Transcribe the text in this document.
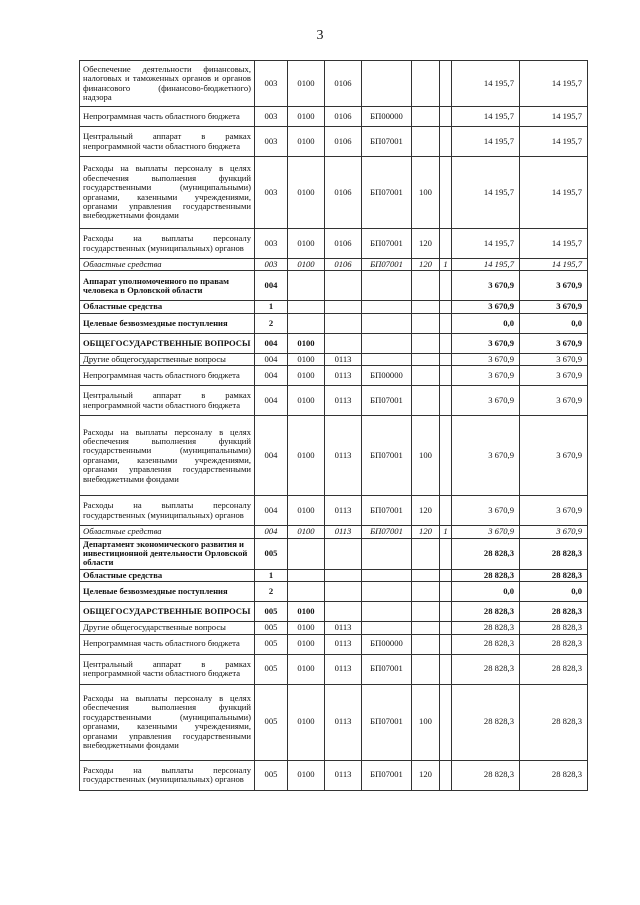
3
Обеспечение деятельности финансовых, налоговых и таможенных органов и органов финансового (финансово-бюджетного) надзора	003	0100	0106				14 195,7	14 195,7
Непрограммная часть областного бюджета	003	0100	0106	БП00000			14 195,7	14 195,7
Центральный аппарат в рамках непрограммной части областного бюджета	003	0100	0106	БП07001			14 195,7	14 195,7
Расходы на выплаты персоналу в целях обеспечения выполнения функций государственными (муниципальными) органами, казенными учреждениями, органами управления государственными внебюджетными фондами	003	0100	0106	БП07001	100		14 195,7	14 195,7
Расходы на выплаты персоналу государственных (муниципальных) органов	003	0100	0106	БП07001	120		14 195,7	14 195,7
Областные средства	003	0100	0106	БП07001	120	1	14 195,7	14 195,7
Аппарат уполномоченного по правам человека в Орловской области	004						3 670,9	3 670,9
Областные средства	1						3 670,9	3 670,9
Целевые безвозмездные поступления	2						0,0	0,0
ОБЩЕГОСУДАРСТВЕННЫЕ ВОПРОСЫ	004	0100					3 670,9	3 670,9
Другие общегосударственные вопросы	004	0100	0113				3 670,9	3 670,9
Непрограммная часть областного бюджета	004	0100	0113	БП00000			3 670,9	3 670,9
Центральный аппарат в рамках непрограммной части областного бюджета	004	0100	0113	БП07001			3 670,9	3 670,9
Расходы на выплаты персоналу в целях обеспечения выполнения функций государственными (муниципальными) органами, казенными учреждениями, органами управления государственными внебюджетными фондами	004	0100	0113	БП07001	100		3 670,9	3 670,9
Расходы на выплаты персоналу государственных (муниципальных) органов	004	0100	0113	БП07001	120		3 670,9	3 670,9
Областные средства	004	0100	0113	БП07001	120	1	3 670,9	3 670,9
Департамент экономического развития и инвестиционной деятельности Орловской области	005						28 828,3	28 828,3
Областные средства	1						28 828,3	28 828,3
Целевые безвозмездные поступления	2						0,0	0,0
ОБЩЕГОСУДАРСТВЕННЫЕ ВОПРОСЫ	005	0100					28 828,3	28 828,3
Другие общегосударственные вопросы	005	0100	0113				28 828,3	28 828,3
Непрограммная часть областного бюджета	005	0100	0113	БП00000			28 828,3	28 828,3
Центральный аппарат в рамках непрограммной части областного бюджета	005	0100	0113	БП07001			28 828,3	28 828,3
Расходы на выплаты персоналу в целях обеспечения выполнения функций государственными (муниципальными) органами, казенными учреждениями, органами управления государственными внебюджетными фондами	005	0100	0113	БП07001	100		28 828,3	28 828,3
Расходы на выплаты персоналу государственных (муниципальных) органов	005	0100	0113	БП07001	120		28 828,3	28 828,3
